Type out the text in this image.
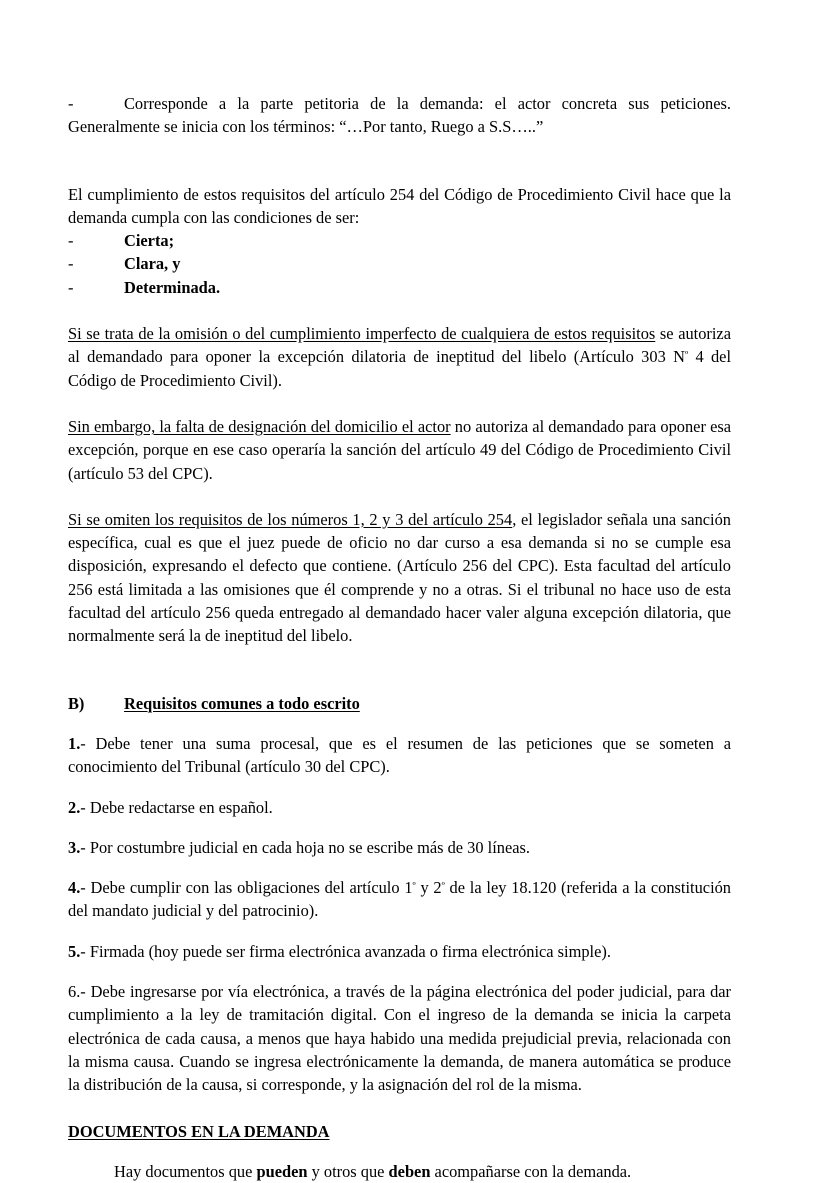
-	Corresponde a la parte petitoria de la demanda: el actor concreta sus peticiones. Generalmente se inicia con los términos: “…Por tanto, Ruego a S.S…..”

El cumplimiento de estos requisitos del artículo 254 del Código de Procedimiento Civil hace que la demanda cumpla con las condiciones de ser:

-	Cierta;
-	Clara, y
-	Determinada.

Si se trata de la omisión o del cumplimiento imperfecto de cualquiera de estos requisitos se autoriza al demandado para oponer la excepción dilatoria de ineptitud del libelo (Artículo 303 $N^º$ 4 del Código de Procedimiento Civil).

Sin embargo, la falta de designación del domicilio el actor no autoriza al demandado para oponer esa excepción, porque en ese caso operaría la sanción del artículo 49 del Código de Procedimiento Civil (artículo 53 del CPC).

Si se omiten los requisitos de los números 1, 2 y 3 del artículo 254, el legislador señala una sanción específica, cual es que el juez puede de oficio no dar curso a esa demanda si no se cumple esa disposición, expresando el defecto que contiene. (Artículo 256 del CPC). Esta facultad del artículo 256 está limitada a las omisiones que él comprende y no a otras. Si el tribunal no hace uso de esta facultad del artículo 256 queda entregado al demandado hacer valer alguna excepción dilatoria, que normalmente será la de ineptitud del libelo.

B) Requisitos comunes a todo escrito

1.- Debe tener una suma procesal, que es el resumen de las peticiones que se someten a conocimiento del Tribunal (artículo 30 del CPC).

2.- Debe redactarse en español.

3.- Por costumbre judicial en cada hoja no se escribe más de 30 líneas.

4.- Debe cumplir con las obligaciones del artículo $1^º$ y $2^º$ de la ley 18.120 (referida a la constitución del mandato judicial y del patrocinio).

5.- Firmada (hoy puede ser firma electrónica avanzada o firma electrónica simple).

6.- Debe ingresarse por vía electrónica, a través de la página electrónica del poder judicial, para dar cumplimiento a la ley de tramitación digital. Con el ingreso de la demanda se inicia la carpeta electrónica de cada causa, a menos que haya habido una medida prejudicial previa, relacionada con la misma causa. Cuando se ingresa electrónicamente la demanda, de manera automática se produce la distribución de la causa, si corresponde, y la asignación del rol de la misma.

DOCUMENTOS EN LA DEMANDA

Hay documentos que pueden y otros que deben acompañarse con la demanda.
